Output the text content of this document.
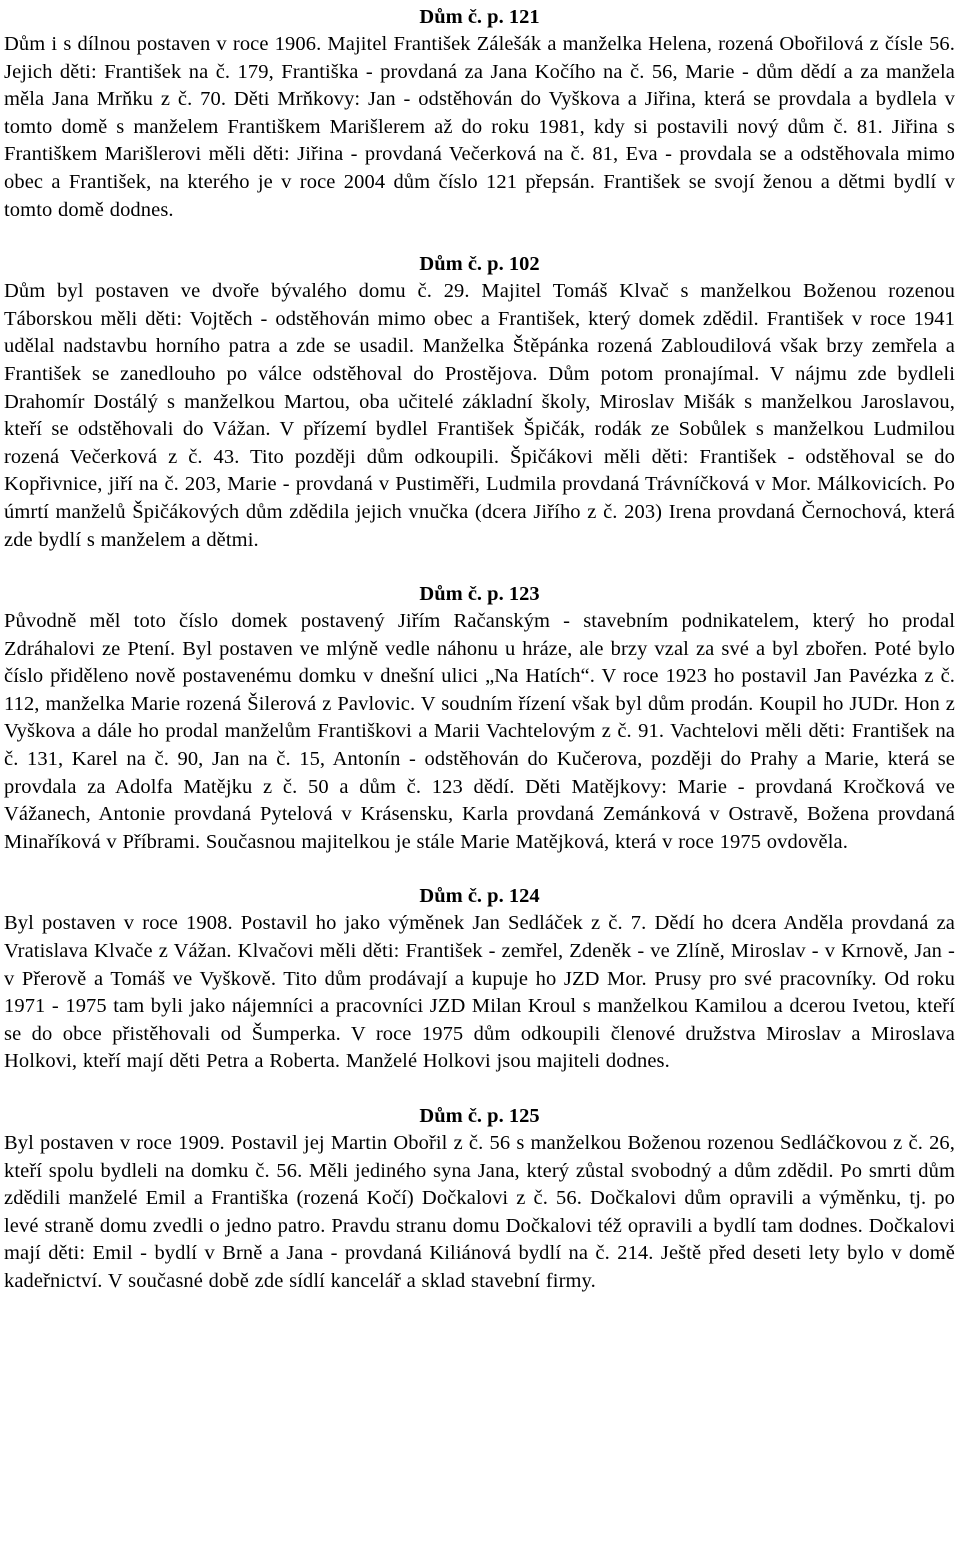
Dům č. p. 121

Dům i s dílnou postaven v roce 1906. Majitel František Zálešák a manželka Helena, rozená Obořilová z čísle 56. Jejich děti: František na č. 179, Františka - provdaná za Jana Kočího na č. 56, Marie - dům dědí a za manžela měla Jana Mrňku z č. 70. Děti Mrňkovy: Jan - odstěhován do Vyškova a Jiřina, která se provdala a bydlela v tomto domě s manželem Františkem Marišlerem až do roku 1981, kdy si postavili nový dům č. 81. Jiřina s Františkem Marišlerovi měli děti: Jiřina - provdaná Večerková na č. 81, Eva - provdala se a odstěhovala mimo obec a František, na kterého je v roce 2004 dům číslo 121 přepsán. František se svojí ženou a dětmi bydlí v tomto domě dodnes.

Dům č. p. 102

Dům byl postaven ve dvoře bývalého domu č. 29. Majitel Tomáš Klvač s manželkou Boženou rozenou Táborskou měli děti: Vojtěch - odstěhován mimo obec a František, který domek zdědil. František v roce 1941 udělal nadstavbu horního patra a zde se usadil. Manželka Štěpánka rozená Zabloudilová však brzy zemřela a František se zanedlouho po válce odstěhoval do Prostějova. Dům potom pronajímal. V nájmu zde bydleli Drahomír Dostálý s manželkou Martou, oba učitelé základní školy, Miroslav Mišák s manželkou Jaroslavou, kteří se odstěhovali do Vážan. V přízemí bydlel František Špičák, rodák ze Sobůlek s manželkou Ludmilou rozená Večerková z č. 43. Tito později dům odkoupili. Špičákovi měli děti: František - odstěhoval se do Kopřivnice, jiří na č. 203, Marie - provdaná v Pustiměři, Ludmila provdaná Trávníčková v Mor. Málkovicích. Po úmrtí manželů Špičákových dům zdědila jejich vnučka (dcera Jiřího z č. 203) Irena provdaná Černochová, která zde bydlí s manželem a dětmi.

Dům č. p. 123

Původně měl toto číslo domek postavený Jiřím Račanským - stavebním podnikatelem, který ho prodal Zdráhalovi ze Ptení. Byl postaven ve mlýně vedle náhonu u hráze, ale brzy vzal za své a byl zbořen. Poté bylo číslo přiděleno nově postavenému domku v dnešní ulici „Na Hatích“. V roce 1923 ho postavil Jan Pavézka z č. 112, manželka Marie rozená Šilerová z Pavlovic. V soudním řízení však byl dům prodán. Koupil ho JUDr. Hon z Vyškova a dále ho prodal manželům Františkovi a Marii Vachtelovým z č. 91. Vachtelovi měli děti: František na č. 131, Karel na č. 90, Jan na č. 15, Antonín - odstěhován do Kučerova, později do Prahy a Marie, která se provdala za Adolfa Matějku z č. 50 a dům č. 123 dědí. Děti Matějkovy: Marie - provdaná Kročková ve Vážanech, Antonie provdaná Pytelová v Krásensku, Karla provdaná Zemánková v Ostravě, Božena provdaná Minaříková v Příbrami. Současnou majitelkou je stále Marie Matějková, která v roce 1975 ovdověla.

Dům č. p. 124

Byl postaven v roce 1908. Postavil ho jako výměnek Jan Sedláček z č. 7. Dědí ho dcera Anděla provdaná za Vratislava Klvače z Vážan. Klvačovi měli děti: František - zemřel, Zdeněk - ve Zlíně, Miroslav - v Krnově, Jan - v Přerově a Tomáš ve Vyškově. Tito dům prodávají a kupuje ho JZD Mor. Prusy pro své pracovníky. Od roku 1971 - 1975 tam byli jako nájemníci a pracovníci JZD Milan Kroul s manželkou Kamilou a dcerou Ivetou, kteří se do obce přistěhovali od Šumperka. V roce 1975 dům odkoupili členové družstva Miroslav a Miroslava Holkovi, kteří mají děti Petra a Roberta. Manželé Holkovi jsou majiteli dodnes.

Dům č. p. 125

Byl postaven v roce 1909. Postavil jej Martin Obořil z č. 56 s manželkou Boženou rozenou Sedláčkovou z č. 26, kteří spolu bydleli na domku č. 56. Měli jediného syna Jana, který zůstal svobodný a dům zdědil. Po smrti dům zdědili manželé Emil a Františka (rozená Kočí) Dočkalovi z č. 56. Dočkalovi dům opravili a výměnku, tj. po levé straně domu zvedli o jedno patro. Pravdu stranu domu Dočkalovi též opravili a bydlí tam dodnes. Dočkalovi mají děti: Emil - bydlí v Brně a Jana - provdaná Kiliánová bydlí na č. 214. Ještě před deseti lety bylo v domě kadeřnictví. V současné době zde sídlí kancelář a sklad stavební firmy.
